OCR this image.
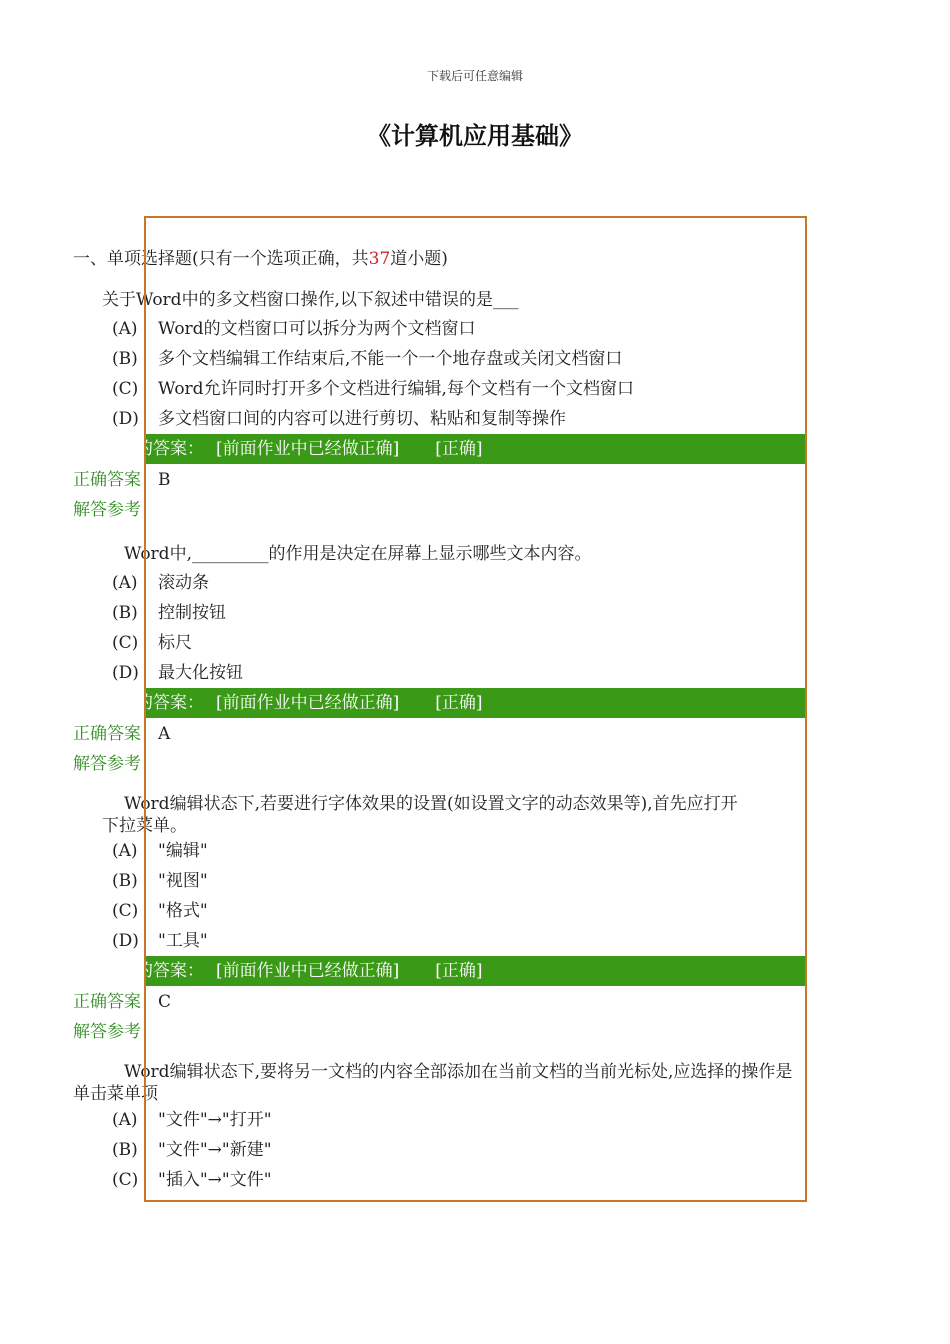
下载后可任意编辑
《计算机应用基础》
一、单项选择题(只有一个选项正确，共37道小题)
关于Word中的多文档窗口操作,以下叙述中错误的是___
(A) Word的文档窗口可以拆分为两个文档窗口
(B) 多个文档编辑工作结束后,不能一个一个地存盘或关闭文档窗口
(C) Word允许同时打开多个文档进行编辑,每个文档有一个文档窗口
(D) 多文档窗口间的内容可以进行剪切、粘贴和复制等操作
的答案： [前面作业中已经做正确] [正确]
正确答案：B
解答参考：
Word中,_________的作用是决定在屏幕上显示哪些文本内容。
(A) 滚动条
(B) 控制按钮
(C) 标尺
(D) 最大化按钮
的答案： [前面作业中已经做正确] [正确]
正确答案：A
解答参考：
Word编辑状态下,若要进行字体效果的设置(如设置文字的动态效果等),首先应打开
下拉菜单。
(A) "编辑"
(B) "视图"
(C) "格式"
(D) "工具"
的答案： [前面作业中已经做正确] [正确]
正确答案：C
解答参考：
Word编辑状态下,要将另一文档的内容全部添加在当前文档的当前光标处,应选择的操作是
单击菜单项
(A) "文件"→"打开"
(B) "文件"→"新建"
(C) "插入"→"文件"
